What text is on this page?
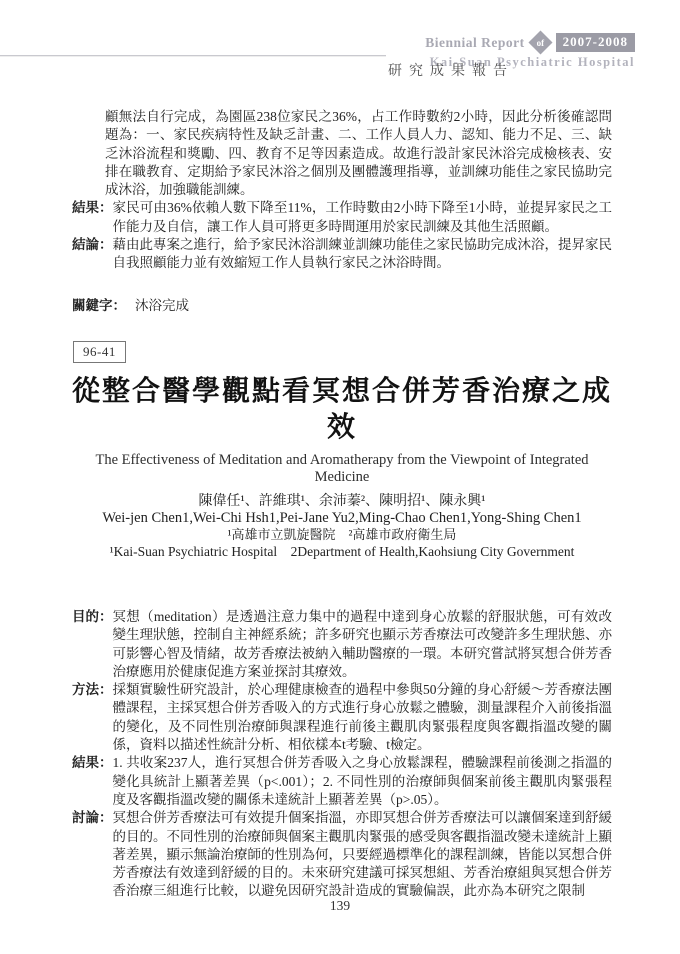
Biennial Report of	2007-2008
Kai-Suan Psychiatric Hospital
研究成果報告

顧無法自行完成，為園區238位家民之36%，占工作時數約2小時，因此分析後確認問題為：一、家民疾病特性及缺乏計畫、二、工作人員人力、認知、能力不足、三、缺乏沐浴流程和獎勵、四、教育不足等因素造成。故進行設計家民沐浴完成檢核表、安排在職教育、定期給予家民沐浴之個別及團體護理指導，並訓練功能佳之家民協助完成沐浴，加強職能訓練。

結果： 家民可由36%依賴人數下降至11%，工作時數由2小時下降至1小時，並提昇家民之工作能力及自信，讓工作人員可將更多時間運用於家民訓練及其他生活照顧。
結論： 藉由此專案之進行，給予家民沐浴訓練並訓練功能佳之家民協助完成沐浴，提昇家民自我照顧能力並有效縮短工作人員執行家民之沐浴時間。
關鍵字： 沐浴完成
96-41
從整合醫學觀點看冥想合併芳香治療之成效
The Effectiveness of Meditation and Aromatherapy from the Viewpoint of Integrated Medicine
陳偉任¹、許維琪¹、余沛蓁²、陳明招¹、陳永興¹
Wei-jen Chen1,Wei-Chi Hsh1,Pei-Jane Yu2,Ming-Chao Chen1,Yong-Shing Chen1
¹高雄市立凱旋醫院　²高雄市政府衛生局
¹Kai-Suan Psychiatric Hospital　2Department of Health,Kaohsiung City Government
目的： 冥想（meditation）是透過注意力集中的過程中達到身心放鬆的舒服狀態，可有效改變生理狀態，控制自主神經系統；許多研究也顯示芳香療法可改變許多生理狀態、亦可影響心智及情緒，故芳香療法被納入輔助醫療的一環。本研究嘗試將冥想合併芳香治療應用於健康促進方案並探討其療效。
方法： 採類實驗性研究設計，於心理健康檢查的過程中參與50分鐘的身心舒緩～芳香療法團體課程，主採冥想合併芳香吸入的方式進行身心放鬆之體驗，測量課程介入前後指溫的變化，及不同性別治療師與課程進行前後主觀肌肉緊張程度與客觀指溫改變的關係，資料以描述性統計分析、相依樣本t考驗、t檢定。
結果： 1. 共收案237人，進行冥想合併芳香吸入之身心放鬆課程，體驗課程前後測之指溫的變化具統計上顯著差異（p<.001）；2. 不同性別的治療師與個案前後主觀肌肉緊張程度及客觀指溫改變的關係未達統計上顯著差異（p>.05）。
討論： 冥想合併芳香療法可有效提升個案指溫，亦即冥想合併芳香療法可以讓個案達到舒緩的目的。不同性別的治療師與個案主觀肌肉緊張的感受與客觀指溫改變未達統計上顯著差異，顯示無論治療師的性別為何，只要經過標準化的課程訓練，皆能以冥想合併芳香療法有效達到舒緩的目的。未來研究建議可採冥想組、芳香治療組與冥想合併芳香治療三組進行比較，以避免因研究設計造成的實驗偏誤，此亦為本研究之限制
139
